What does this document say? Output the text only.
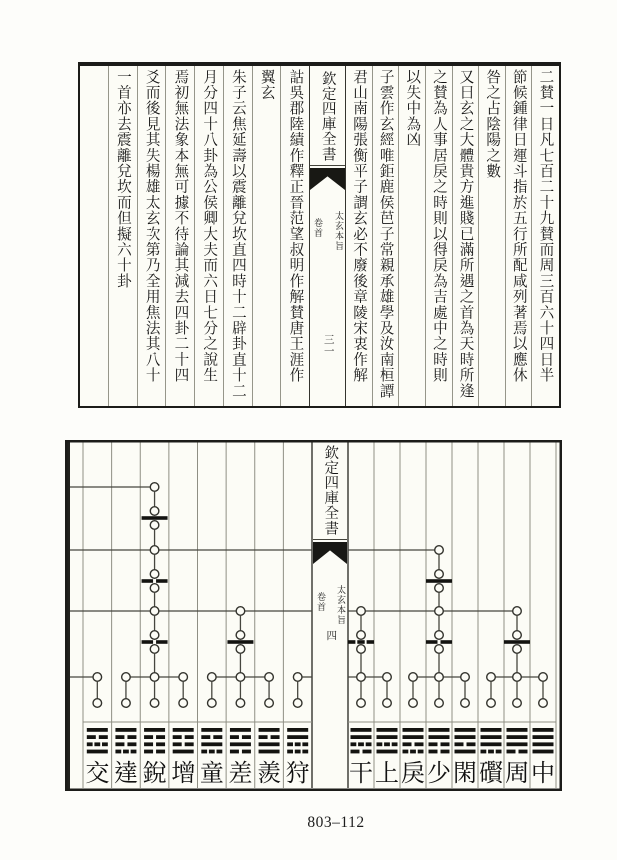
詁吳郡陸績作釋正晉范望叔明作解賛唐王涯作
翼玄
朱子云焦延壽以震離兌坎直四時十二辟卦直十二
月分四十八卦為公侯卿大夫而六日七分之說生
焉初無法象本無可據不待論其減去四卦二十四
爻而後見其失楊雄太玄次第乃全用焦法其八十
一首亦去震離兌坎而但擬六十卦	欽定四庫全書
太玄本旨
卷首
三一	二賛一日凡七百二十九賛而周三百六十四日半
節候鍾律日運斗指於五行所配咸列著焉以應休
咎之占陰陽之數
又曰玄之大體貴方進賤已滿所遇之首為天時所逢
之賛為人事居戾之時則以得戾為吉處中之時則
以失中為凶
子雲作玄經唯鉅鹿侯芭子常親承雄學及汝南桓譚
君山南陽張衡平子謂玄必不廢後章陵宋衷作解
中
周
礥
閑
少
戾
上
干
狩
羨
差
童
增
銳
達
交
欽定四庫全書
太玄本旨
卷首
四
803–112
